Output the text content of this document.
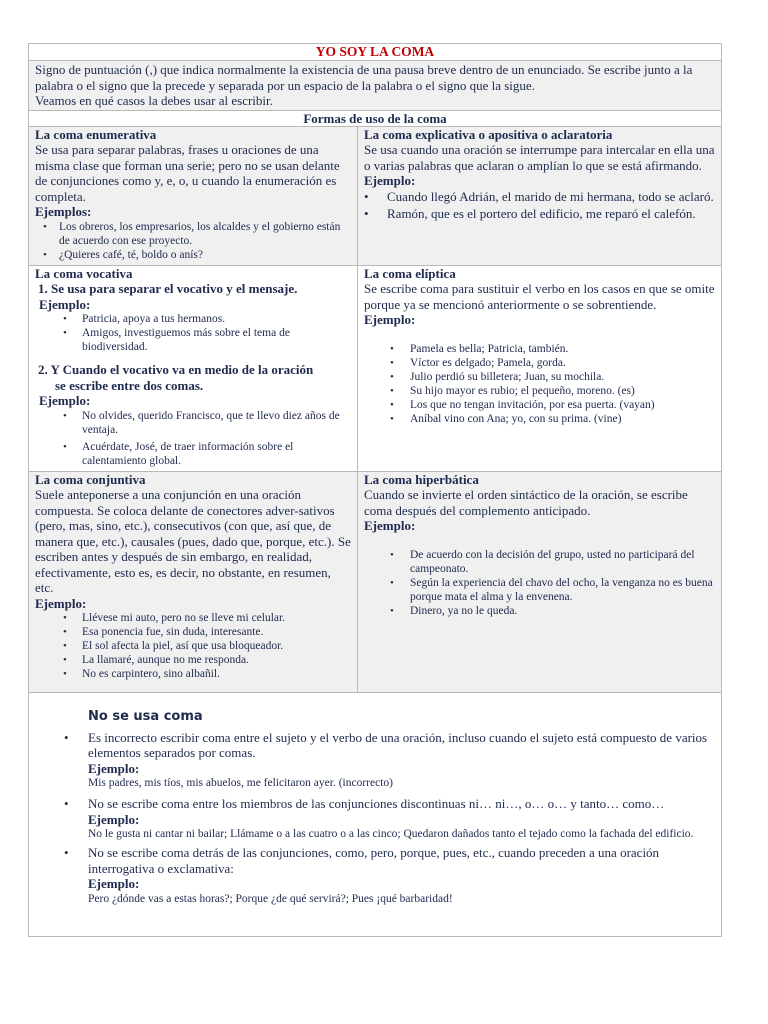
YO SOY LA COMA
Signo de puntuación (,) que indica normalmente la existencia de una pausa breve dentro de un enunciado. Se escribe junto a la palabra o el signo que la precede y separada por un espacio de la palabra o el signo que la sigue.
Veamos en qué casos la debes usar al escribir.
Formas de uso de la coma
La coma enumerativa
Se usa para separar palabras, frases u oraciones de una misma clase que forman una serie; pero no se usan delante de conjunciones como y, e, o, u cuando la enumeración es completa.
Ejemplos:
• Los obreros, los empresarios, los alcaldes y el gobierno están de acuerdo con ese proyecto.
• ¿Quieres café, té, boldo o anís?
La coma explicativa o apositiva o aclaratoria
Se usa cuando una oración se interrumpe para intercalar en ella una o varias palabras que aclaran o amplían lo que se está afirmando.
Ejemplo:
• Cuando llegó Adrián, el marido de mi hermana, todo se aclaró.
• Ramón, que es el portero del edificio, me reparó el calefón.
La coma vocativa
1. Se usa para separar el vocativo y el mensaje.
Ejemplo:
• Patricia, apoya a tus hermanos.
• Amigos, investiguemos más sobre el tema de biodiversidad.
2. Y Cuando el vocativo va en medio de la oración
se escribe entre dos comas.
Ejemplo:
• No olvides, querido Francisco, que te llevo diez años de ventaja.
• Acuérdate, José, de traer información sobre el calentamiento global.
La coma elíptica
Se escribe coma para sustituir el verbo en los casos en que se omite porque ya se mencionó anteriormente o se sobrentiende.
Ejemplo:
• Pamela es bella; Patricia, también.
• Víctor es delgado; Pamela, gorda.
• Julio perdió su billetera; Juan, su mochila.
• Su hijo mayor es rubio; el pequeño, moreno. (es)
• Los que no tengan invitación, por esa puerta. (vayan)
• Aníbal vino con Ana; yo, con su prima. (vine)
La coma conjuntiva
Suele anteponerse a una conjunción en una oración compuesta. Se coloca delante de conectores adver-sativos (pero, mas, sino, etc.), consecutivos (con que, así que, de manera que, etc.), causales (pues, dado que, porque, etc.). Se escriben antes y después de sin embargo, en realidad, efectivamente, esto es, es decir, no obstante, en resumen, etc.
Ejemplo:
• Llévese mi auto, pero no se lleve mi celular.
• Esa ponencia fue, sin duda, interesante.
• El sol afecta la piel, así que usa bloqueador.
• La llamaré, aunque no me responda.
• No es carpintero, sino albañil.
La coma hiperbática
Cuando se invierte el orden sintáctico de la oración, se escribe coma después del complemento anticipado.
Ejemplo:
• De acuerdo con la decisión del grupo, usted no participará del campeonato.
• Según la experiencia del chavo del ocho, la venganza no es buena porque mata el alma y la envenena.
• Dinero, ya no le queda.
No se usa coma
• Es incorrecto escribir coma entre el sujeto y el verbo de una oración, incluso cuando el sujeto está compuesto de varios elementos separados por comas.
Ejemplo:
Mis padres, mis tíos, mis abuelos, me felicitaron ayer. (incorrecto)
• No se escribe coma entre los miembros de las conjunciones discontinuas ni… ni…, o… o… y tanto… como…
Ejemplo:
No le gusta ni cantar ni bailar; Llámame o a las cuatro o a las cinco; Quedaron dañados tanto el tejado como la fachada del edificio.
• No se escribe coma detrás de las conjunciones, como, pero, porque, pues, etc., cuando preceden a una oración interrogativa o exclamativa:
Ejemplo:
Pero ¿dónde vas a estas horas?; Porque ¿de qué servirá?; Pues ¡qué barbaridad!
